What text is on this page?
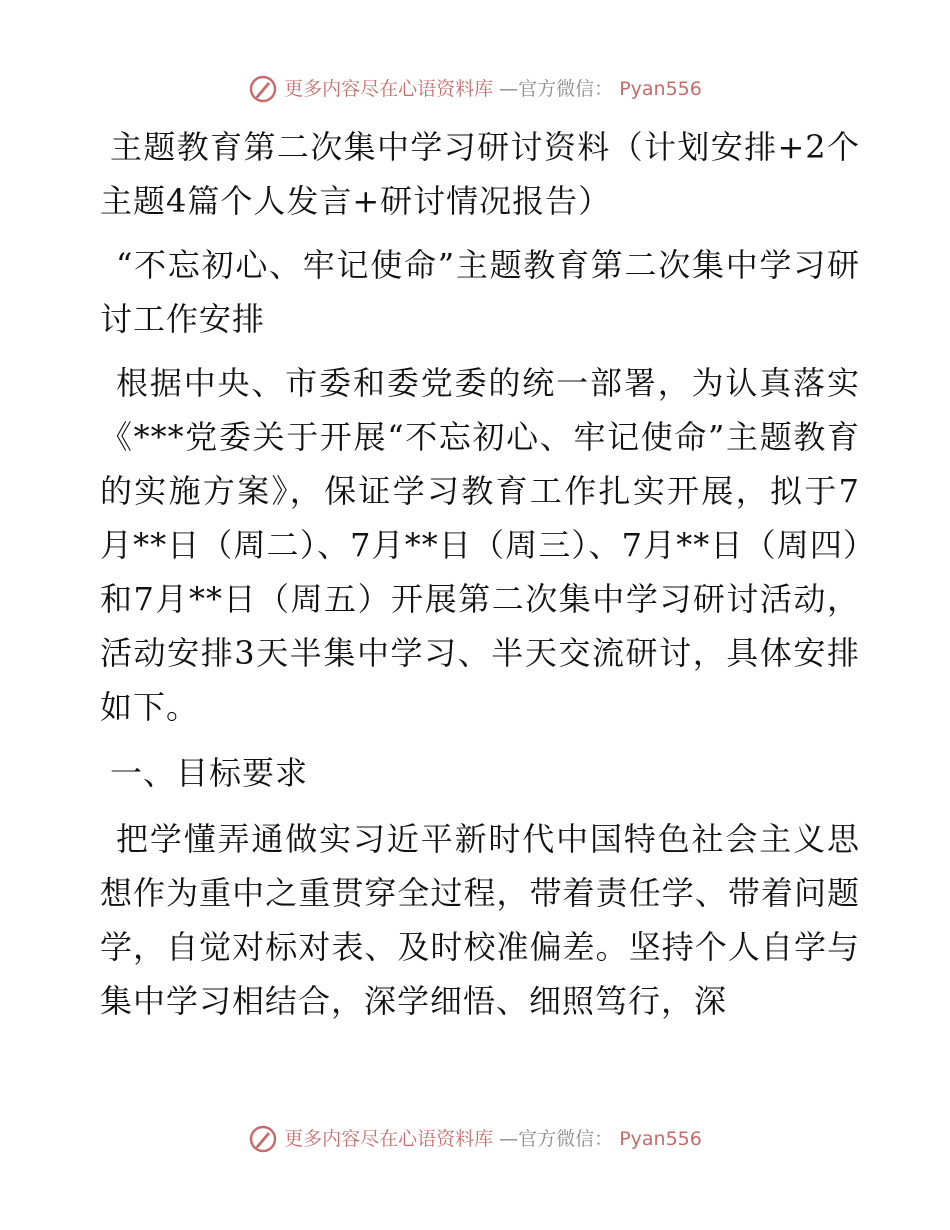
更多内容尽在心语资料库 —官方微信： Pyan556

主题教育第二次集中学习研讨资料（计划安排+2个主题4篇个人发言+研讨情况报告）

“不忘初心、牢记使命”主题教育第二次集中学习研讨工作安排

根据中央、市委和委党委的统一部署，为认真落实《***党委关于开展“不忘初心、牢记使命”主题教育的实施方案》，保证学习教育工作扎实开展，拟于7月**日（周二）、7月**日（周三）、7月**日（周四）和7月**日（周五）开展第二次集中学习研讨活动，活动安排3天半集中学习、半天交流研讨，具体安排如下。

一、目标要求

把学懂弄通做实习近平新时代中国特色社会主义思想作为重中之重贯穿全过程，带着责任学、带着问题学，自觉对标对表、及时校准偏差。坚持个人自学与集中学习相结合，深学细悟、细照笃行，深

更多内容尽在心语资料库 —官方微信： Pyan556
